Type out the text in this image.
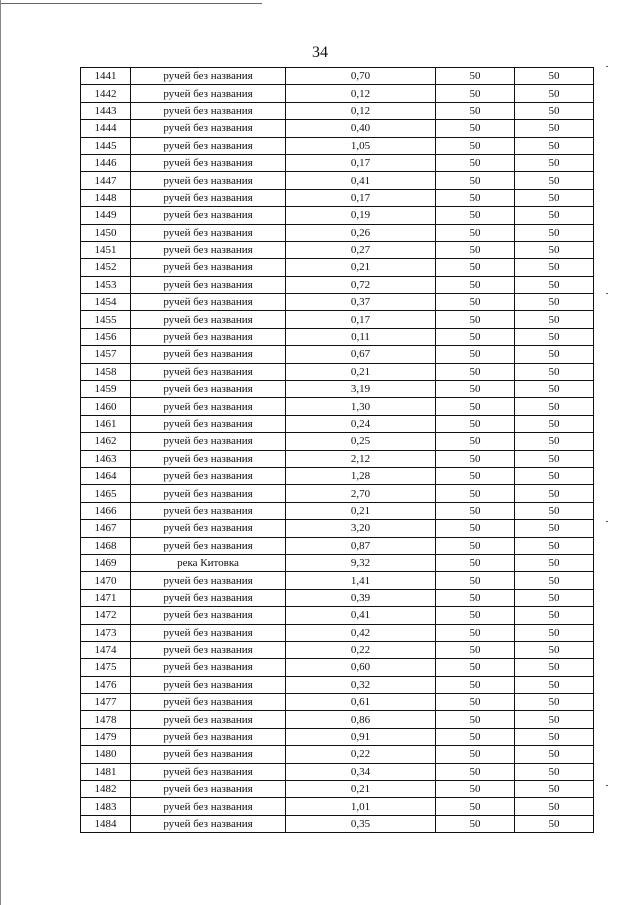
34
1441	ручей без названия	0,70	50	50
1442	ручей без названия	0,12	50	50
1443	ручей без названия	0,12	50	50
1444	ручей без названия	0,40	50	50
1445	ручей без названия	1,05	50	50
1446	ручей без названия	0,17	50	50
1447	ручей без названия	0,41	50	50
1448	ручей без названия	0,17	50	50
1449	ручей без названия	0,19	50	50
1450	ручей без названия	0,26	50	50
1451	ручей без названия	0,27	50	50
1452	ручей без названия	0,21	50	50
1453	ручей без названия	0,72	50	50
1454	ручей без названия	0,37	50	50
1455	ручей без названия	0,17	50	50
1456	ручей без названия	0,11	50	50
1457	ручей без названия	0,67	50	50
1458	ручей без названия	0,21	50	50
1459	ручей без названия	3,19	50	50
1460	ручей без названия	1,30	50	50
1461	ручей без названия	0,24	50	50
1462	ручей без названия	0,25	50	50
1463	ручей без названия	2,12	50	50
1464	ручей без названия	1,28	50	50
1465	ручей без названия	2,70	50	50
1466	ручей без названия	0,21	50	50
1467	ручей без названия	3,20	50	50
1468	ручей без названия	0,87	50	50
1469	река Китовка	9,32	50	50
1470	ручей без названия	1,41	50	50
1471	ручей без названия	0,39	50	50
1472	ручей без названия	0,41	50	50
1473	ручей без названия	0,42	50	50
1474	ручей без названия	0,22	50	50
1475	ручей без названия	0,60	50	50
1476	ручей без названия	0,32	50	50
1477	ручей без названия	0,61	50	50
1478	ручей без названия	0,86	50	50
1479	ручей без названия	0,91	50	50
1480	ручей без названия	0,22	50	50
1481	ручей без названия	0,34	50	50
1482	ручей без названия	0,21	50	50
1483	ручей без названия	1,01	50	50
1484	ручей без названия	0,35	50	50
